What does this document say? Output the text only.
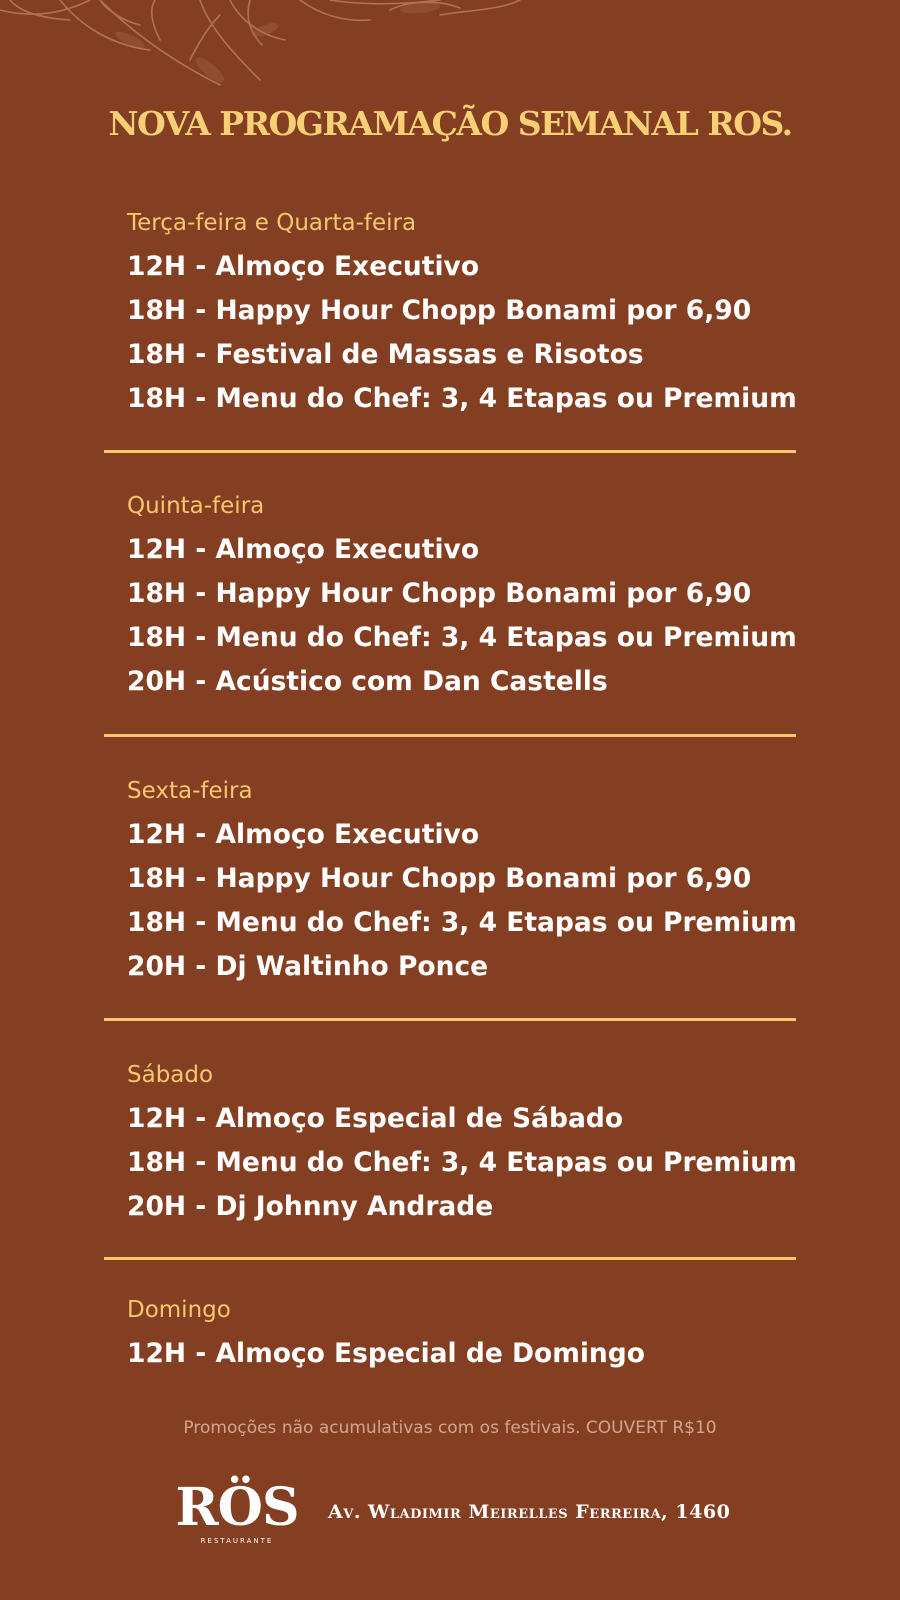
NOVA PROGRAMAÇÃO SEMANAL ROS.
Terça-feira e Quarta-feira
12H - Almoço Executivo
18H - Happy Hour Chopp Bonami por 6,90
18H - Festival de Massas e Risotos
18H - Menu do Chef: 3, 4 Etapas ou Premium
Quinta-feira
12H - Almoço Executivo
18H - Happy Hour Chopp Bonami por 6,90
18H - Menu do Chef: 3, 4 Etapas ou Premium
20H - Acústico com Dan Castells
Sexta-feira
12H - Almoço Executivo
18H - Happy Hour Chopp Bonami por 6,90
18H - Menu do Chef: 3, 4 Etapas ou Premium
20H - Dj Waltinho Ponce
Sábado
12H - Almoço Especial de Sábado
18H - Menu do Chef: 3, 4 Etapas ou Premium
20H - Dj Johnny Andrade
Domingo
12H - Almoço Especial de Domingo
Promoções não acumulativas com os festivais. COUVERT R$10
RÖS
RESTAURANTE
Av. Wladimir Meirelles Ferreira, 1460
